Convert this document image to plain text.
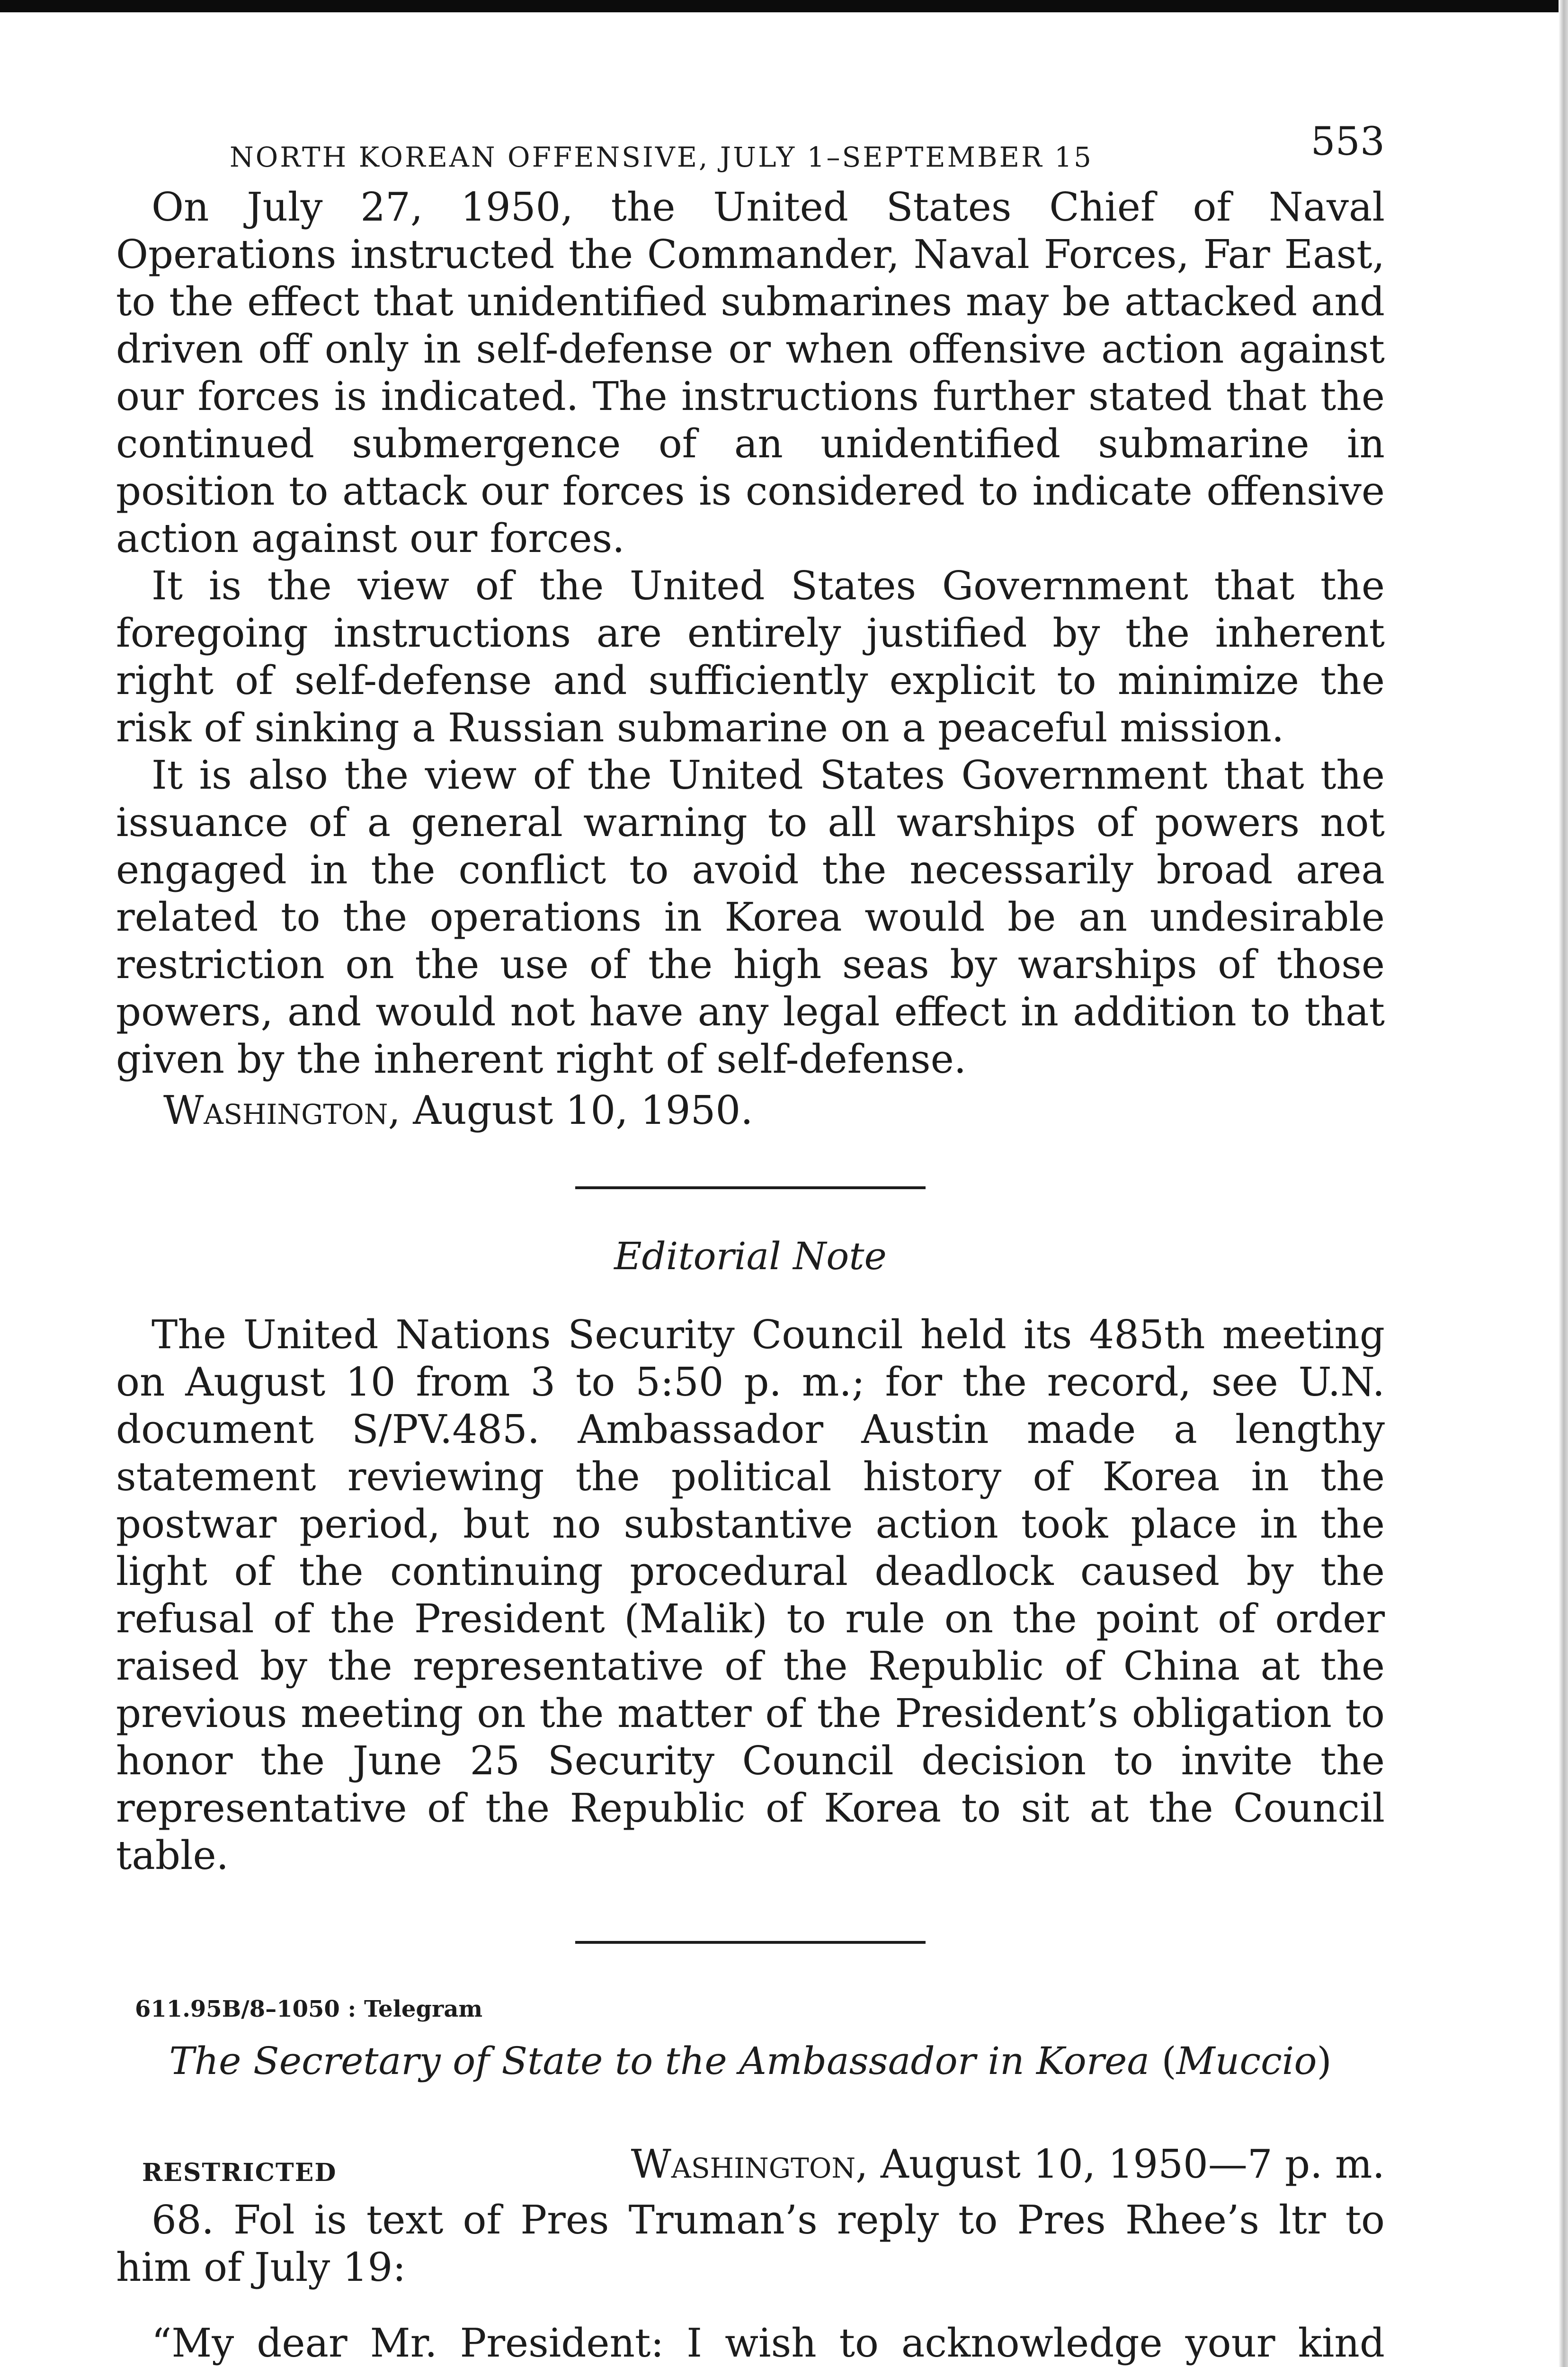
NORTH KOREAN OFFENSIVE, JULY 1–SEPTEMBER 15	553

On July 27, 1950, the United States Chief of Naval Operations instructed the Commander, Naval Forces, Far East, to the effect that unidentified submarines may be attacked and driven off only in self-defense or when offensive action against our forces is indicated. The instructions further stated that the continued submergence of an unidentified submarine in position to attack our forces is considered to indicate offensive action against our forces.

It is the view of the United States Government that the foregoing instructions are entirely justified by the inherent right of self-defense and sufficiently explicit to minimize the risk of sinking a Russian submarine on a peaceful mission.

It is also the view of the United States Government that the issuance of a general warning to all warships of powers not engaged in the conflict to avoid the necessarily broad area related to the operations in Korea would be an undesirable restriction on the use of the high seas by warships of those powers, and would not have any legal effect in addition to that given by the inherent right of self-defense.

Washington, August 10, 1950.
Editorial Note

The United Nations Security Council held its 485th meeting on August 10 from 3 to 5:50 p. m.; for the record, see U.N. document S/PV.485. Ambassador Austin made a lengthy statement reviewing the political history of Korea in the postwar period, but no substantive action took place in the light of the continuing procedural deadlock caused by the refusal of the President (Malik) to rule on the point of order raised by the representative of the Republic of China at the previous meeting on the matter of the President’s obligation to honor the June 25 Security Council decision to invite the representative of the Republic of Korea to sit at the Council table.

611.95B/8–1050 : Telegram
The Secretary of State to the Ambassador in Korea (Muccio)
RESTRICTED	Washington, August 10, 1950—7 p. m.

68. Fol is text of Pres Truman’s reply to Pres Rhee’s ltr to him of July 19:

“My dear Mr. President: I wish to acknowledge your kind
